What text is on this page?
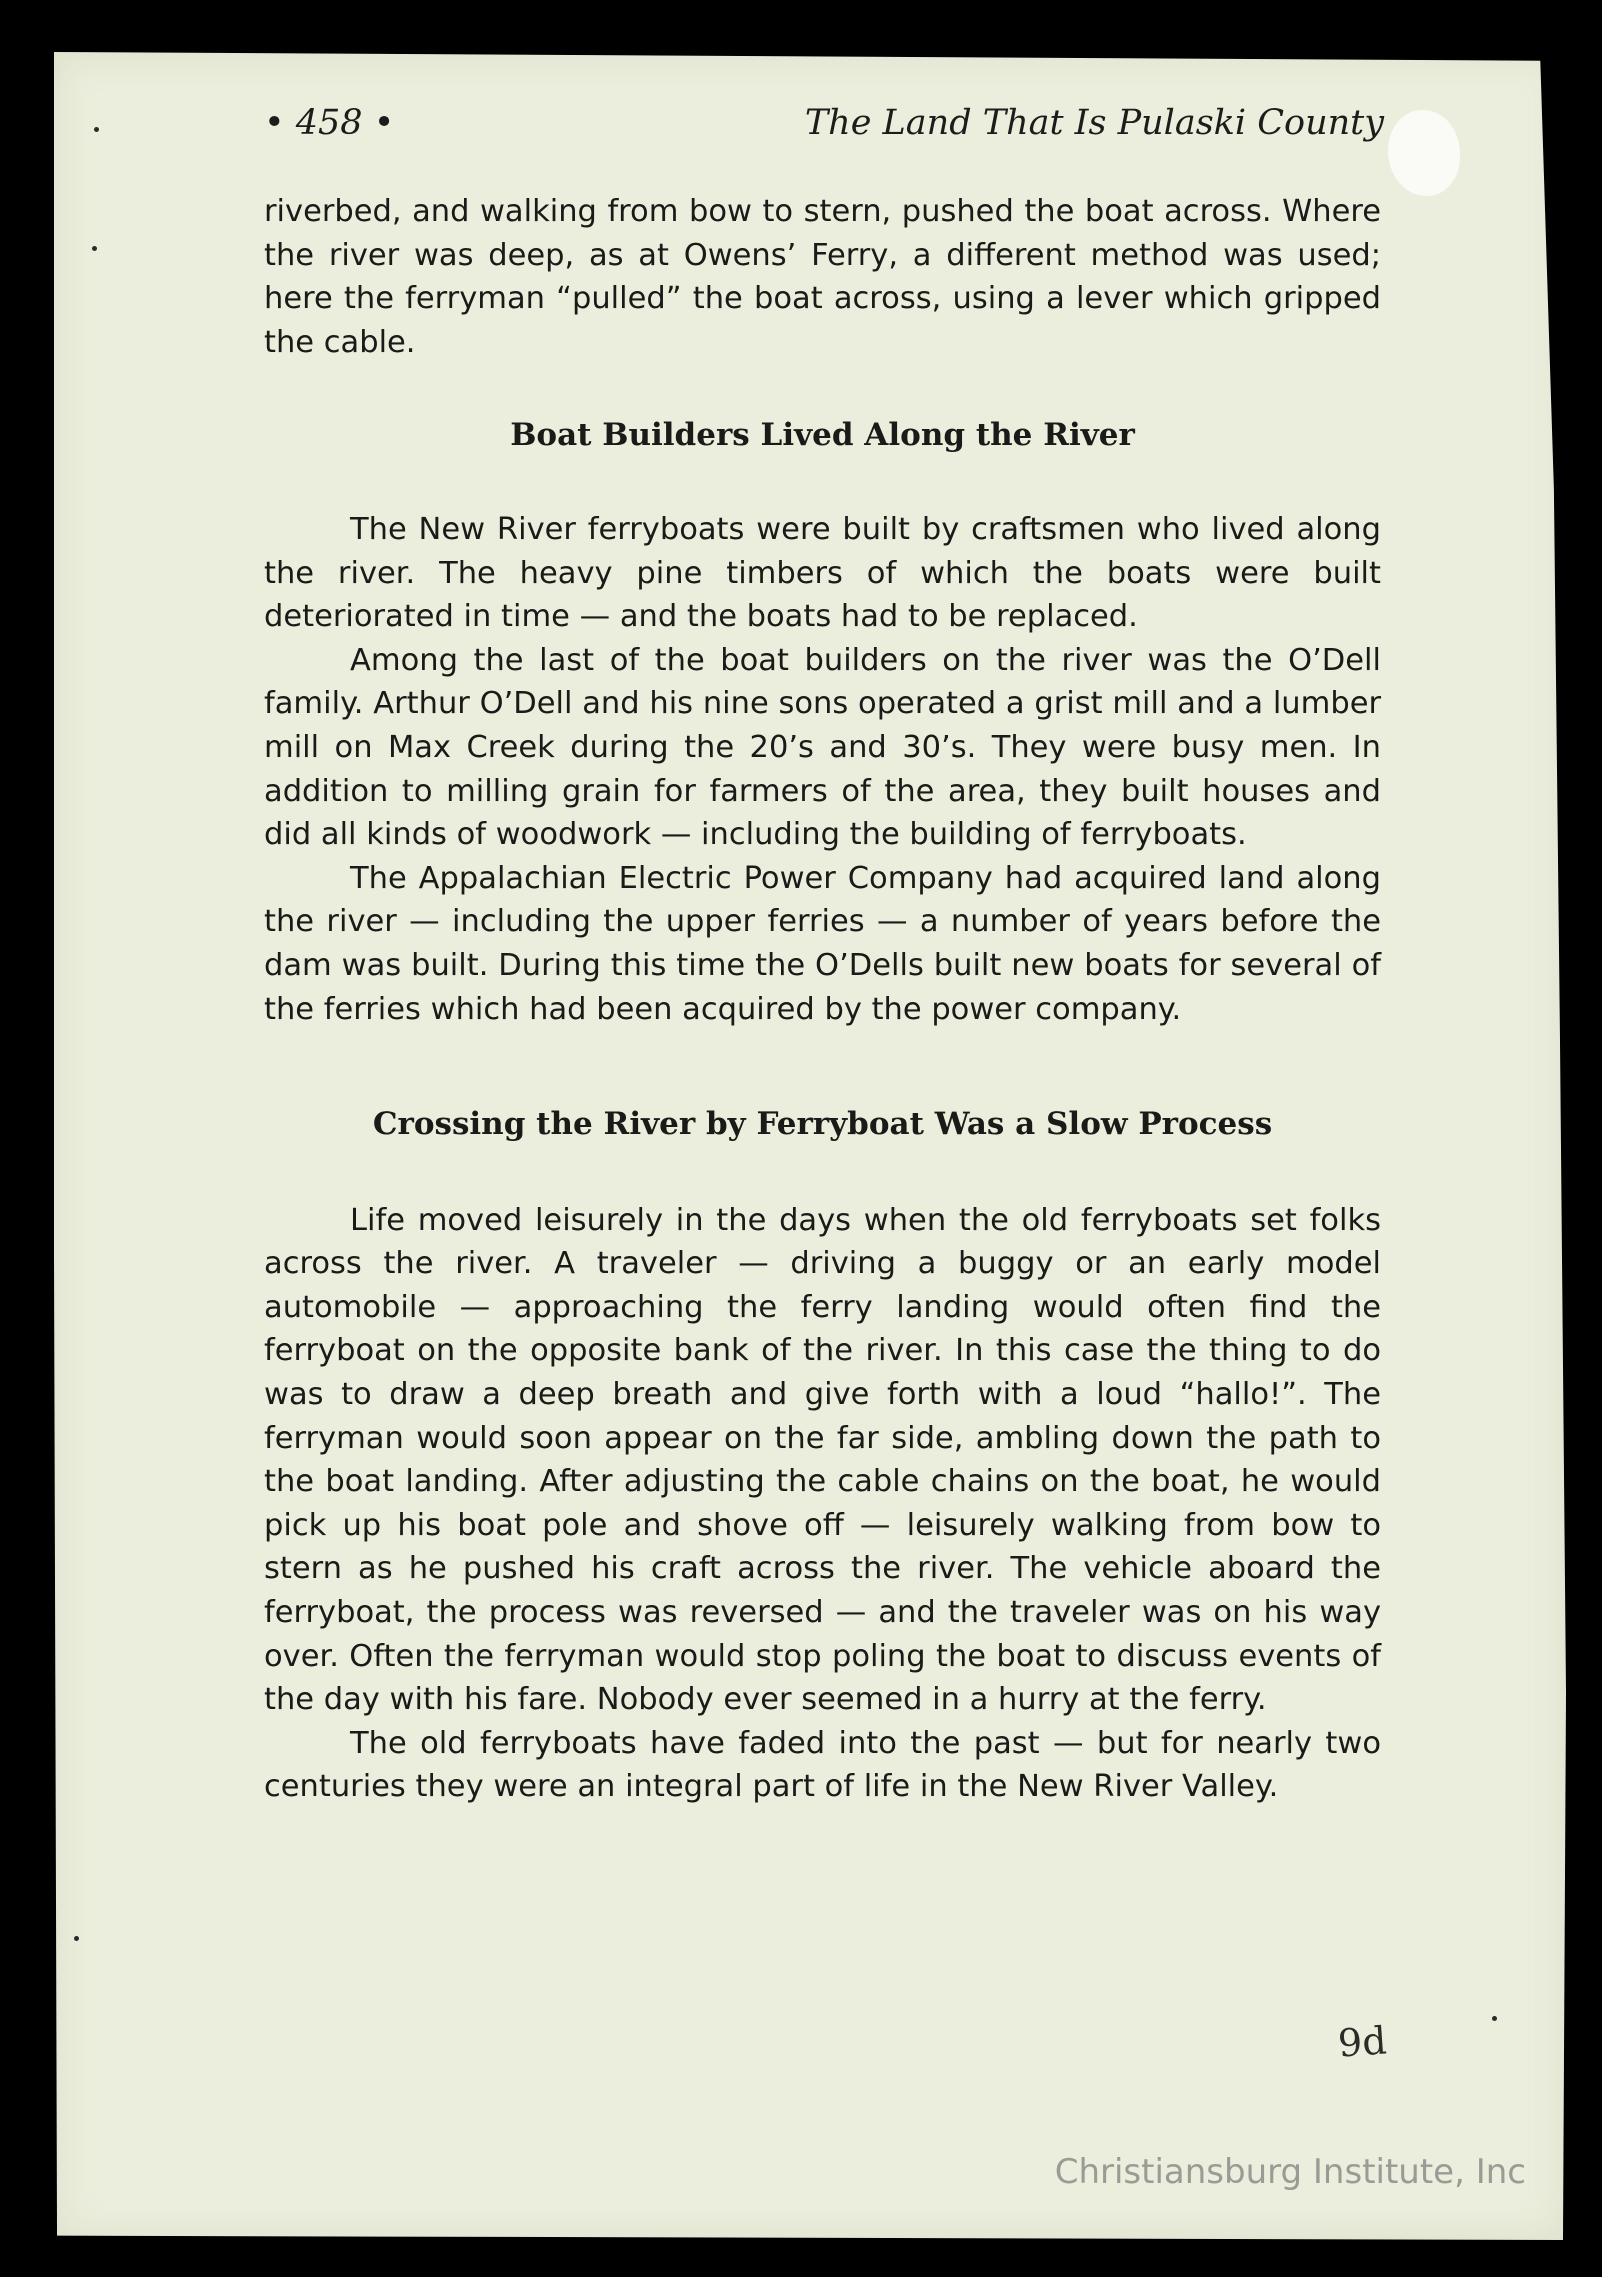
• 458 •	The Land That Is Pulaski County

riverbed, and walking from bow to stern, pushed the boat across. Where the river was deep, as at Owens’ Ferry, a different method was used; here the ferryman “pulled” the boat across, using a lever which gripped the cable.

Boat Builders Lived Along the River

The New River ferryboats were built by craftsmen who lived along the river. The heavy pine timbers of which the boats were built deteriorated in time — and the boats had to be replaced.

Among the last of the boat builders on the river was the O’Dell family. Arthur O’Dell and his nine sons operated a grist mill and a lumber mill on Max Creek during the 20’s and 30’s. They were busy men. In addition to milling grain for farmers of the area, they built houses and did all kinds of woodwork — including the building of ferryboats.

The Appalachian Electric Power Company had acquired land along the river — including the upper ferries — a number of years before the dam was built. During this time the O’Dells built new boats for several of the ferries which had been acquired by the power company.

Crossing the River by Ferryboat Was a Slow Process

Life moved leisurely in the days when the old ferryboats set folks across the river. A traveler — driving a buggy or an early model automobile — approaching the ferry landing would often find the ferryboat on the opposite bank of the river. In this case the thing to do was to draw a deep breath and give forth with a loud “hallo!”. The ferryman would soon appear on the far side, ambling down the path to the boat landing. After adjusting the cable chains on the boat, he would pick up his boat pole and shove off — leisurely walking from bow to stern as he pushed his craft across the river. The vehicle aboard the ferryboat, the process was reversed — and the traveler was on his way over. Often the ferryman would stop poling the boat to discuss events of the day with his fare. Nobody ever seemed in a hurry at the ferry.

The old ferryboats have faded into the past — but for nearly two centuries they were an integral part of life in the New River Valley.

9d
Christiansburg Institute, Inc
